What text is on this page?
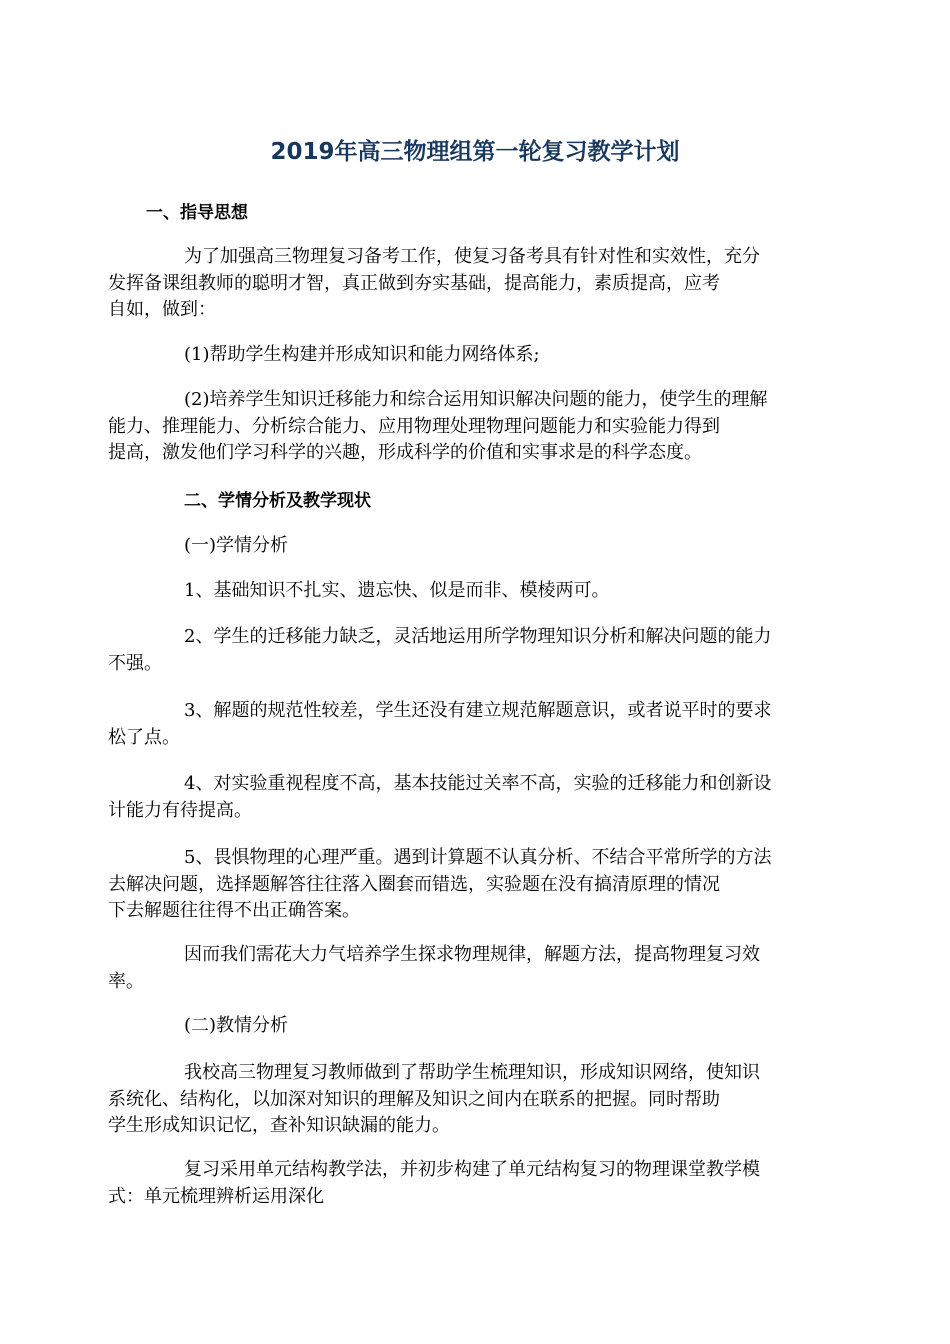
2019年高三物理组第一轮复习教学计划
一、指导思想
为了加强高三物理复习备考工作，使复习备考具有针对性和实效性，充分
发挥备课组教师的聪明才智，真正做到夯实基础，提高能力，素质提高，应考
自如，做到：
(1)帮助学生构建并形成知识和能力网络体系;
(2)培养学生知识迁移能力和综合运用知识解决问题的能力，使学生的理解
能力、推理能力、分析综合能力、应用物理处理物理问题能力和实验能力得到
提高，激发他们学习科学的兴趣，形成科学的价值和实事求是的科学态度。
二、学情分析及教学现状
(一)学情分析
1、基础知识不扎实、遗忘快、似是而非、模棱两可。
2、学生的迁移能力缺乏，灵活地运用所学物理知识分析和解决问题的能力
不强。
3、解题的规范性较差，学生还没有建立规范解题意识，或者说平时的要求
松了点。
4、对实验重视程度不高，基本技能过关率不高，实验的迁移能力和创新设
计能力有待提高。
5、畏惧物理的心理严重。遇到计算题不认真分析、不结合平常所学的方法
去解决问题，选择题解答往往落入圈套而错选，实验题在没有搞清原理的情况
下去解题往往得不出正确答案。
因而我们需花大力气培养学生探求物理规律，解题方法，提高物理复习效
率。
(二)教情分析
我校高三物理复习教师做到了帮助学生梳理知识，形成知识网络，使知识
系统化、结构化，以加深对知识的理解及知识之间内在联系的把握。同时帮助
学生形成知识记忆，查补知识缺漏的能力。
复习采用单元结构教学法，并初步构建了单元结构复习的物理课堂教学模
式：单元梳理辨析运用深化
